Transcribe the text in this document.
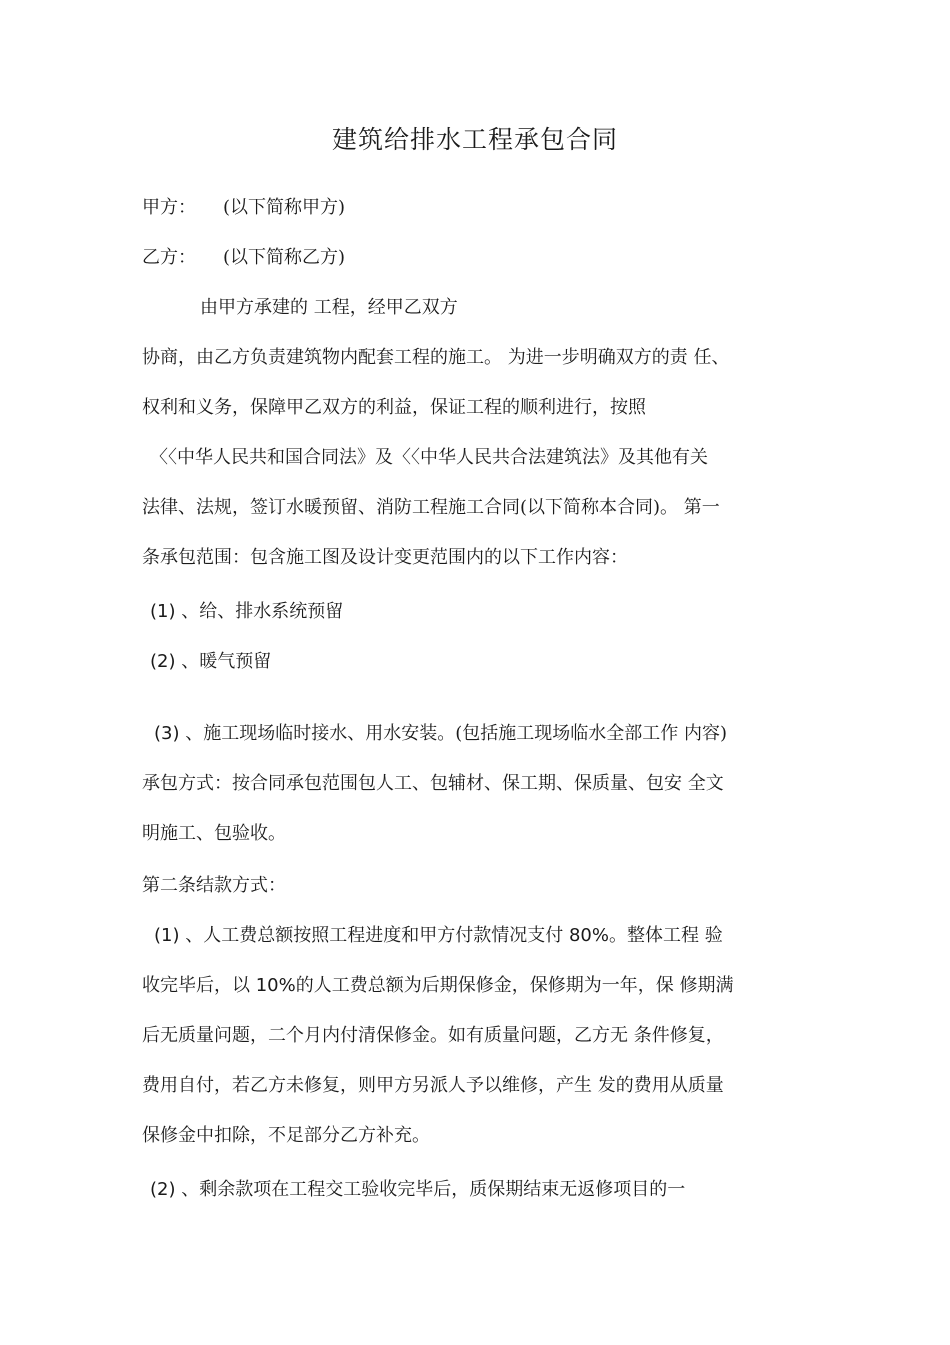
建筑给排水工程承包合同
甲方：　　(以下简称甲方)
乙方：　　(以下简称乙方)
由甲方承建的 工程，经甲乙双方
协商，由乙方负责建筑物内配套工程的施工。 为进一步明确双方的责 任、
权利和义务，保障甲乙双方的利益，保证工程的顺利进行，按照
〈〈中华人民共和国合同法》及〈〈中华人民共合法建筑法》及其他有关
法律、法规，签订水暖预留、消防工程施工合同(以下简称本合同)。 第一
条承包范围：包含施工图及设计变更范围内的以下工作内容：
(1) 、给、排水系统预留
(2) 、暖气预留
(3) 、施工现场临时接水、用水安装。(包括施工现场临水全部工作 内容)
承包方式：按合同承包范围包人工、包辅材、保工期、保质量、包安 全文
明施工、包验收。
第二条结款方式：
(1) 、人工费总额按照工程进度和甲方付款情况支付 80%。整体工程 验
收完毕后，以 10%的人工费总额为后期保修金，保修期为一年，保 修期满
后无质量问题，二个月内付清保修金。如有质量问题，乙方无 条件修复，
费用自付，若乙方未修复，则甲方另派人予以维修，产生 发的费用从质量
保修金中扣除，不足部分乙方补充。
(2) 、剩余款项在工程交工验收完毕后，质保期结束无返修项目的一
